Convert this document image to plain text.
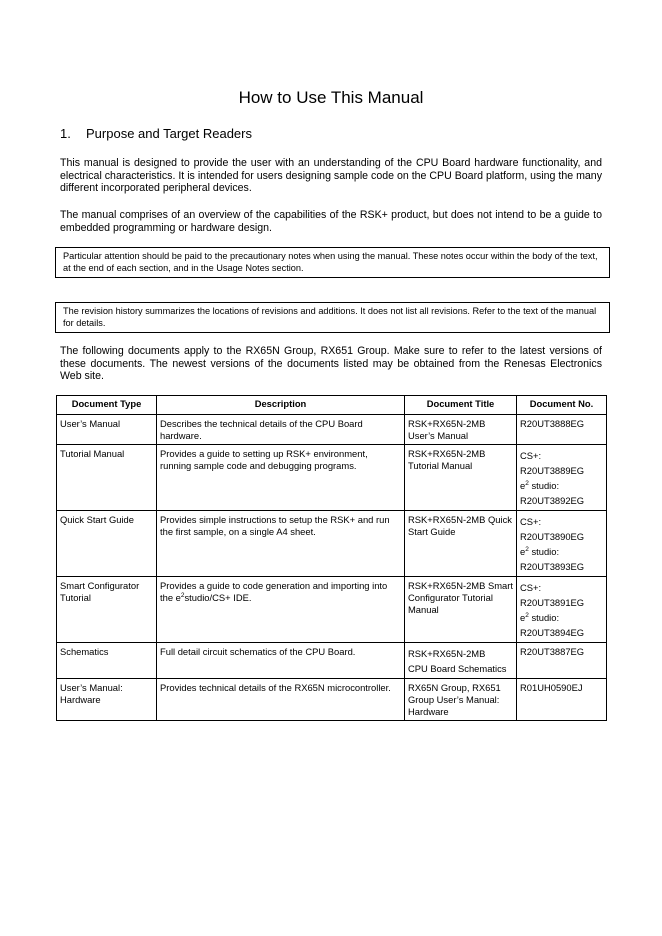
How to Use This Manual
1. Purpose and Target Readers
This manual is designed to provide the user with an understanding of the CPU Board hardware functionality, and electrical characteristics. It is intended for users designing sample code on the CPU Board platform, using the many different incorporated peripheral devices.
The manual comprises of an overview of the capabilities of the RSK+ product, but does not intend to be a guide to embedded programming or hardware design.
Particular attention should be paid to the precautionary notes when using the manual. These notes occur within the body of the text, at the end of each section, and in the Usage Notes section.
The revision history summarizes the locations of revisions and additions. It does not list all revisions. Refer to the text of the manual for details.
The following documents apply to the RX65N Group, RX651 Group. Make sure to refer to the latest versions of these documents. The newest versions of the documents listed may be obtained from the Renesas Electronics Web site.
Document Type	Description	Document Title	Document No.
User’s Manual	Describes the technical details of the CPU Board hardware.	RSK+RX65N-2MB User’s Manual	R20UT3888EG
Tutorial Manual	Provides a guide to setting up RSK+ environment, running sample code and debugging programs.	RSK+RX65N-2MB Tutorial Manual	CS+:
R20UT3889EG
$e^2$ studio:
R20UT3892EG

Quick Start Guide	Provides simple instructions to setup the RSK+ and run the first sample, on a single A4 sheet.	RSK+RX65N-2MB Quick Start Guide	CS+:
R20UT3890EG
$e^2$ studio:
R20UT3893EG

Smart Configurator Tutorial	Provides a guide to code generation and importing into the $e^2studio/CS+$ IDE.	RSK+RX65N-2MB Smart Configurator Tutorial Manual	CS+:
R20UT3891EG
$e^2$ studio:
R20UT3894EG

Schematics	Full detail circuit schematics of the CPU Board.	RSK+RX65N-2MB
CPU Board Schematics	R20UT3887EG
User’s Manual: Hardware	Provides technical details of the RX65N microcontroller.	RX65N Group, RX651 Group User’s Manual: Hardware	R01UH0590EJ
